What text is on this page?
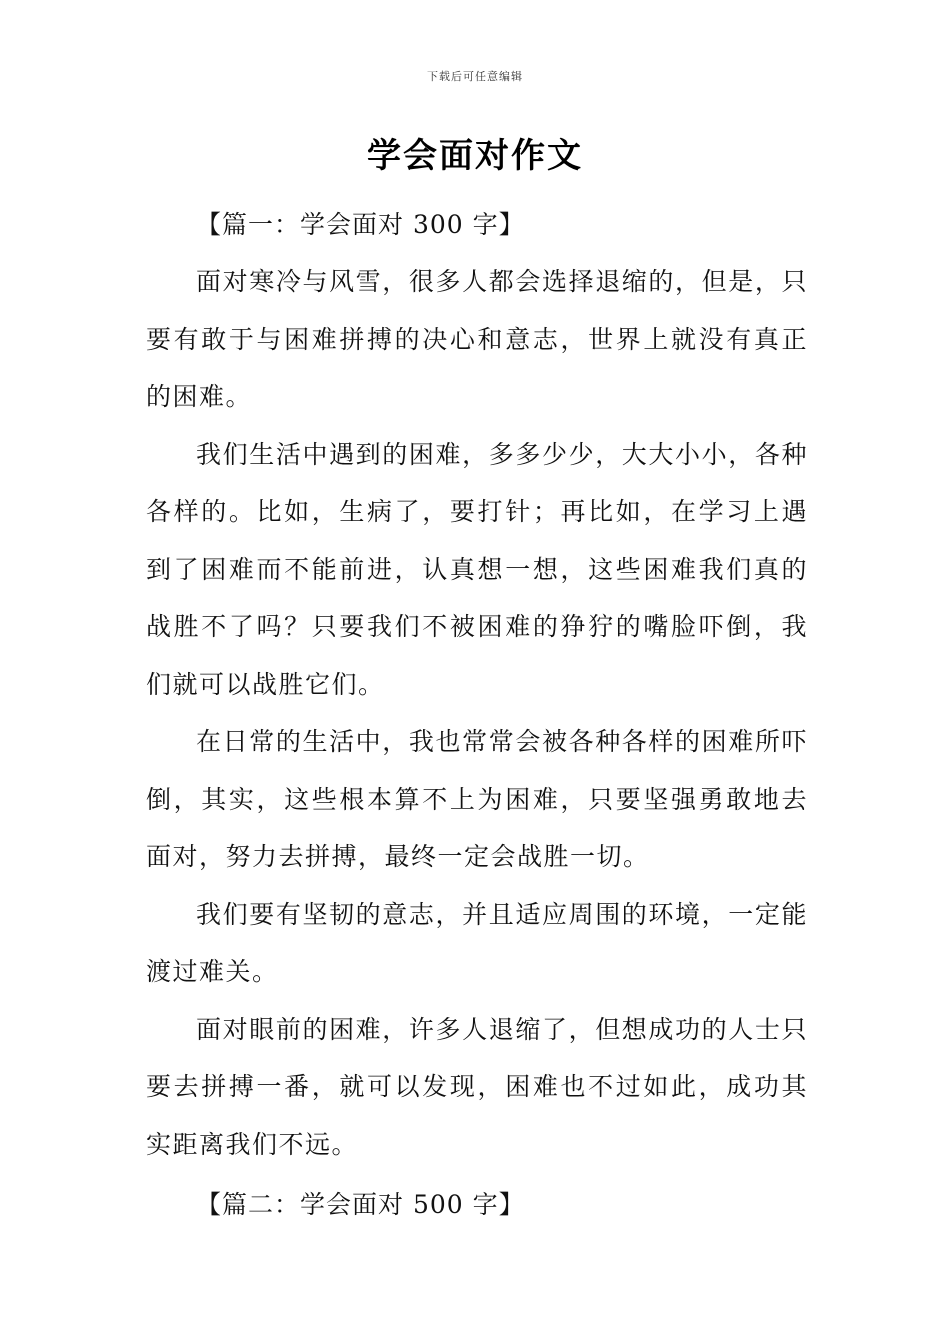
下载后可任意编辑
学会面对作文

【篇一：学会面对 300 字】

面对寒冷与风雪，很多人都会选择退缩的，但是，只要有敢于与困难拼搏的决心和意志，世界上就没有真正的困难。

我们生活中遇到的困难，多多少少，大大小小，各种各样的。比如，生病了，要打针；再比如，在学习上遇到了困难而不能前进，认真想一想，这些困难我们真的战胜不了吗？只要我们不被困难的狰狞的嘴脸吓倒，我们就可以战胜它们。

在日常的生活中，我也常常会被各种各样的困难所吓倒，其实，这些根本算不上为困难，只要坚强勇敢地去面对，努力去拼搏，最终一定会战胜一切。

我们要有坚韧的意志，并且适应周围的环境，一定能渡过难关。

面对眼前的困难，许多人退缩了，但想成功的人士只要去拼搏一番，就可以发现，困难也不过如此，成功其实距离我们不远。

【篇二：学会面对 500 字】
